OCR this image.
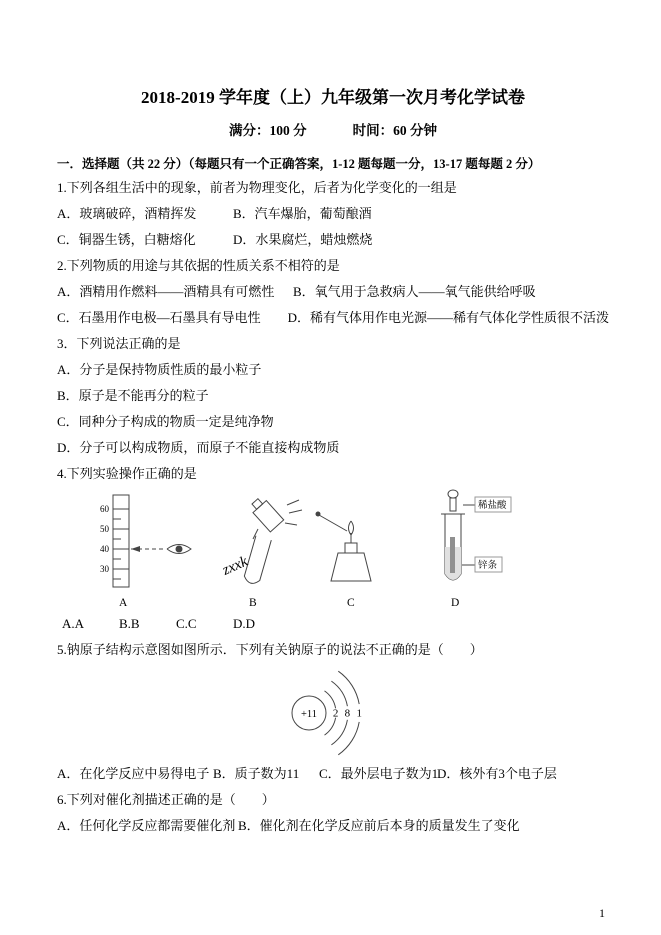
2018-2019 学年度（上）九年级第一次月考化学试卷
满分：100 分	时间：60 分钟
一．选择题（共 22 分）（每题只有一个正确答案，1-12 题每题一分，13-17 题每题 2 分）
1.下列各组生活中的现象，前者为物理变化，后者为化学变化的一组是
A．玻璃破碎，酒精挥发	B．汽车爆胎，葡萄酿酒
C．铜器生锈，白糖熔化	D．水果腐烂，蜡烛燃烧
2.下列物质的用途与其依据的性质关系不相符的是
A．酒精用作燃料——酒精具有可燃性	B．氧气用于急救病人——氧气能供给呼吸
C．石墨用作电极—石墨具有导电性	D．稀有气体用作电光源——稀有气体化学性质很不活泼
3．下列说法正确的是
A．分子是保持物质性质的最小粒子
B．原子是不能再分的粒子
C．同种分子构成的物质一定是纯净物
D．分子可以构成物质，而原子不能直接构成物质
4.下列实验操作正确的是
60
50
40
30	zxxk
稀盐酸
锌条
A	B	C	D
A.A	B.B	C.C	D.D
5.钠原子结构示意图如图所示．下列有关钠原子的说法不正确的是（　　）
+11 2 8 1
A．在化学反应中易得电子 B．质子数为11	C．最外层电子数为1
D．核外有3个电子层
6.下列对催化剂描述正确的是（　　）
A．任何化学反应都需要催化剂 B．催化剂在化学反应前后本身的质量发生了变化
1
